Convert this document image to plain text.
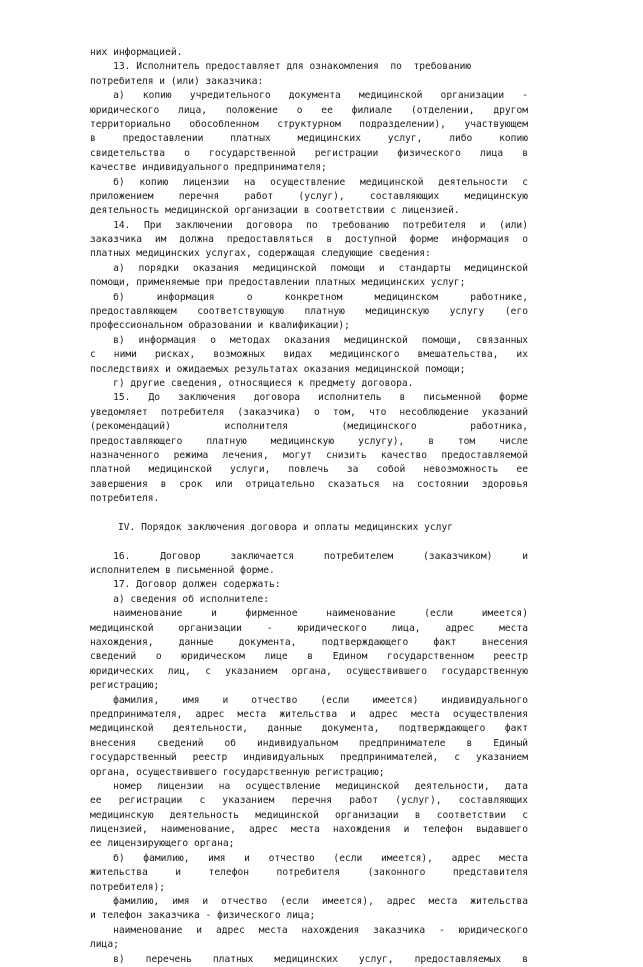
них информацией.
13. Исполнитель предоставляет для ознакомления  по  требованию
потребителя и (или) заказчика:
а) копию учредительного документа медицинской организации -
юридического лица, положение о ее филиале (отделении, другом
территориально обособленном структурном подразделении), участвующем
в предоставлении платных медицинских услуг, либо копию
свидетельства о государственной регистрации физического лица в
качестве индивидуального предпринимателя;
б) копию лицензии на осуществление медицинской деятельности с
приложением перечня работ (услуг), составляющих медицинскую
деятельность медицинской организации в соответствии с лицензией.
14. При заключении договора по требованию потребителя и (или)
заказчика им должна предоставляться в доступной форме информация о
платных медицинских услугах, содержащая следующие сведения:
а) порядки оказания медицинской помощи и стандарты медицинской
помощи, применяемые при предоставлении платных медицинских услуг;
б) информация о конкретном медицинском работнике,
предоставляющем соответствующую платную медицинскую услугу (его
профессиональном образовании и квалификации);
в) информация о методах оказания медицинской помощи, связанных
с ними рисках, возможных видах медицинского вмешательства, их
последствиях и ожидаемых результатах оказания медицинской помощи;
г) другие сведения, относящиеся к предмету договора.
15. До заключения договора исполнитель в письменной форме
уведомляет потребителя (заказчика) о том, что несоблюдение указаний
(рекомендаций) исполнителя (медицинского работника,
предоставляющего платную медицинскую услугу), в том числе
назначенного режима лечения, могут снизить качество предоставляемой
платной медицинской услуги, повлечь за собой невозможность ее
завершения в срок или отрицательно сказаться на состоянии здоровья
потребителя.
IV. Порядок заключения договора и оплаты медицинских услуг
16. Договор заключается потребителем (заказчиком) и
исполнителем в письменной форме.
17. Договор должен содержать:
а) сведения об исполнителе:
наименование и фирменное наименование (если имеется)
медицинской организации - юридического лица, адрес места
нахождения, данные документа, подтверждающего факт внесения
сведений о юридическом лице в Едином государственном реестр
юридических лиц, с указанием органа, осуществившего государственную
регистрацию;
фамилия, имя и отчество (если имеется) индивидуального
предпринимателя, адрес места жительства и адрес места осуществления
медицинской деятельности, данные документа, подтверждающего факт
внесения сведений об индивидуальном предпринимателе в Единый
государственный реестр индивидуальных предпринимателей, с указанием
органа, осуществившего государственную регистрацию;
номер лицензии на осуществление медицинской деятельности, дата
ее регистрации с указанием перечня работ (услуг), составляющих
медицинскую деятельность медицинской организации в соответствии с
лицензией, наименование, адрес места нахождения и телефон выдавшего
ее лицензирующего органа;
б) фамилию, имя и отчество (если имеется), адрес места
жительства и телефон потребителя (законного представителя
потребителя);
фамилию, имя и отчество (если имеется), адрес места жительства
и телефон заказчика - физического лица;
наименование и адрес места нахождения заказчика - юридического
лица;
в) перечень платных медицинских услуг, предоставляемых в
